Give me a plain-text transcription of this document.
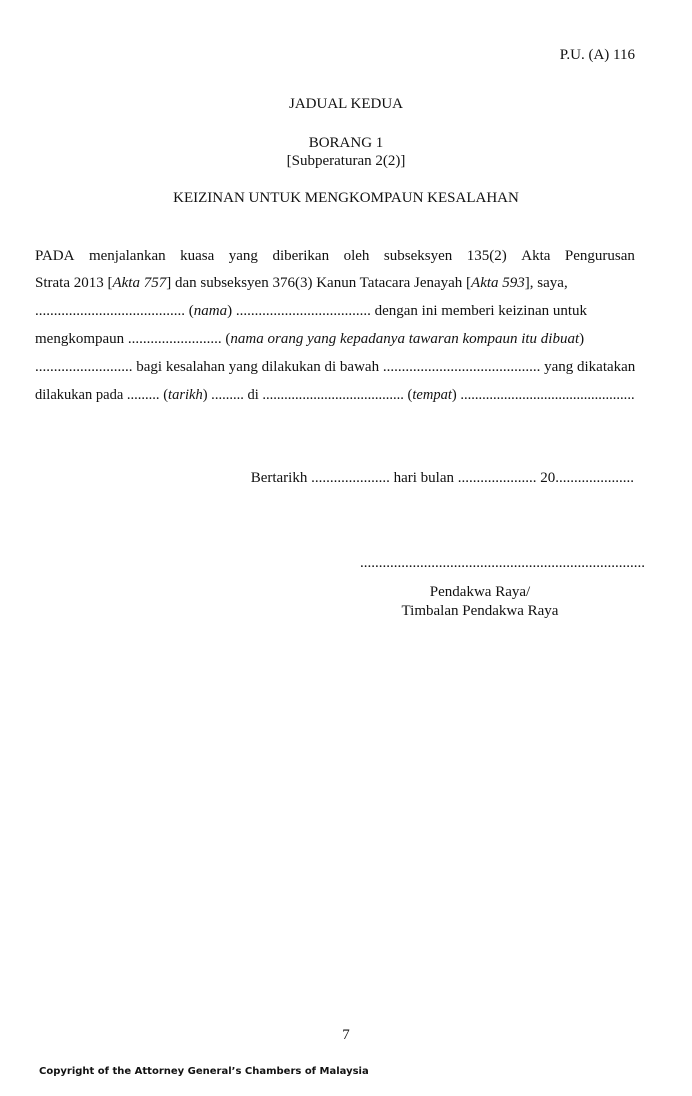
P.U. (A) 116
JADUAL KEDUA
BORANG 1
[Subperaturan 2(2)]
KEIZINAN UNTUK MENGKOMPAUN KESALAHAN
PADA menjalankan kuasa yang diberikan oleh subseksyen 135(2) Akta Pengurusan
Strata 2013 [Akta 757] dan subseksyen 376(3) Kanun Tatacara Jenayah [Akta 593], saya,
........................................ (nama) .................................... dengan ini memberi keizinan untuk
mengkompaun ......................... (nama orang yang kepadanya tawaran kompaun itu dibuat)
.......................... bagi kesalahan yang dilakukan di bawah .......................................... yang dikatakan
dilakukan pada ......... (tarikh) ......... di ....................................... (tempat) ................................................
Bertarikh ..................... hari bulan ..................... 20.....................
............................................................................
Pendakwa Raya/
Timbalan Pendakwa Raya
7
Copyright of the Attorney General’s Chambers of Malaysia
